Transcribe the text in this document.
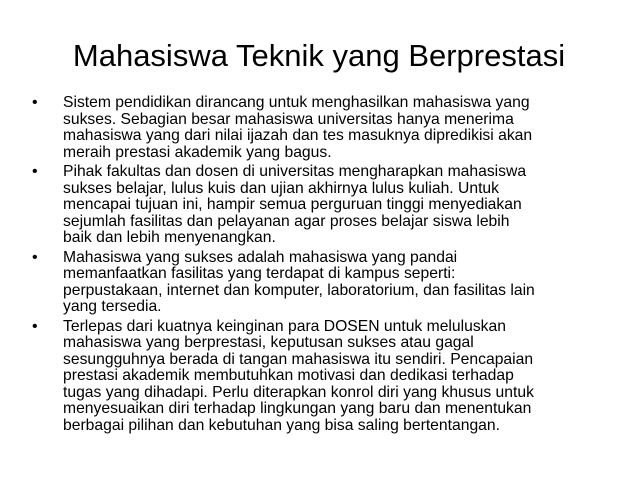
Mahasiswa Teknik yang Berprestasi
• Sistem pendidikan dirancang untuk menghasilkan mahasiswa yang
sukses. Sebagian besar mahasiswa universitas hanya menerima
mahasiswa yang dari nilai ijazah dan tes masuknya dipredikisi akan
meraih prestasi akademik yang bagus.
• Pihak fakultas dan dosen di universitas mengharapkan mahasiswa
sukses belajar, lulus kuis dan ujian akhirnya lulus kuliah. Untuk
mencapai tujuan ini, hampir semua perguruan tinggi menyediakan
sejumlah fasilitas dan pelayanan agar proses belajar siswa lebih
baik dan lebih menyenangkan.
• Mahasiswa yang sukses adalah mahasiswa yang pandai
memanfaatkan fasilitas yang terdapat di kampus seperti:
perpustakaan, internet dan komputer, laboratorium, dan fasilitas lain
yang tersedia.
• Terlepas dari kuatnya keinginan para DOSEN untuk meluluskan
mahasiswa yang berprestasi, keputusan sukses atau gagal
sesungguhnya berada di tangan mahasiswa itu sendiri. Pencapaian
prestasi akademik membutuhkan motivasi dan dedikasi terhadap
tugas yang dihadapi. Perlu diterapkan konrol diri yang khusus untuk
menyesuaikan diri terhadap lingkungan yang baru dan menentukan
berbagai pilihan dan kebutuhan yang bisa saling bertentangan.
